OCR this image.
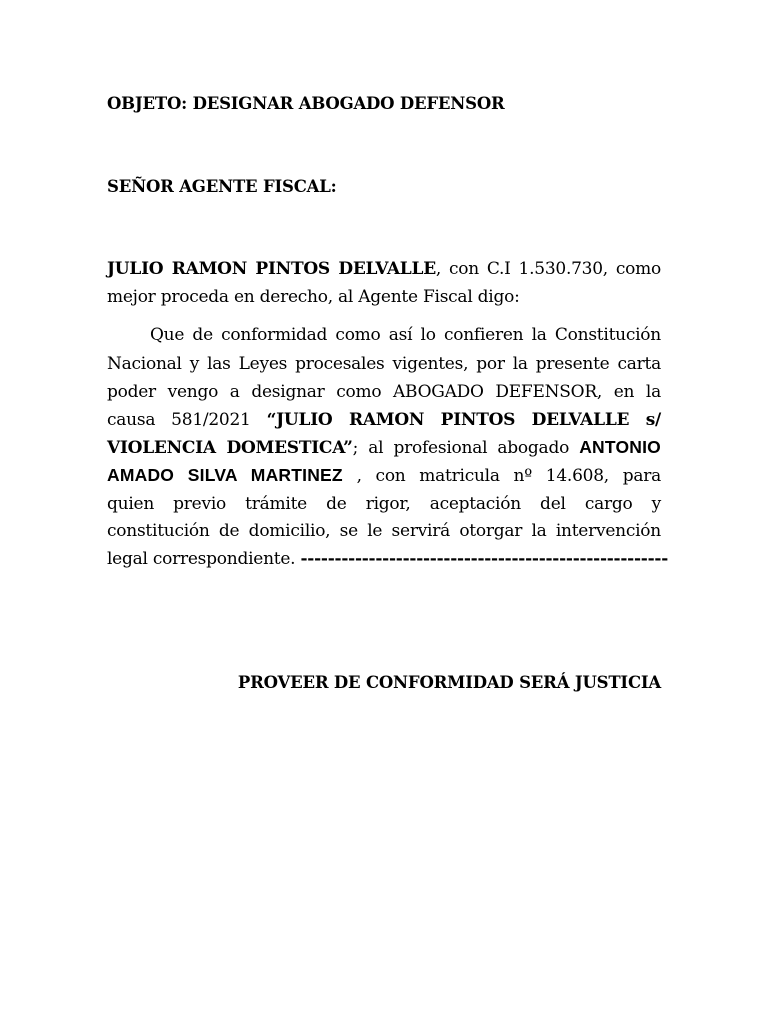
OBJETO: DESIGNAR ABOGADO DEFENSOR
SEÑOR AGENTE FISCAL:
JULIO RAMON PINTOS DELVALLE, con C.I 1.530.730, como
mejor proceda en derecho, al Agente Fiscal digo:
Que de conformidad como así lo confieren la Constitución
Nacional y las Leyes procesales vigentes, por la presente carta
poder vengo a designar como ABOGADO DEFENSOR, en la
causa 581/2021 “JULIO RAMON PINTOS DELVALLE s/
VIOLENCIA DOMESTICA”; al profesional abogado ANTONIO
AMADO SILVA MARTINEZ , con matricula nº 14.608, para
quien previo trámite de rigor, aceptación del cargo y
constitución de domicilio, se le servirá otorgar la intervención
legal correspondiente. ------------------------------------------------------
PROVEER DE CONFORMIDAD SERÁ JUSTICIA
